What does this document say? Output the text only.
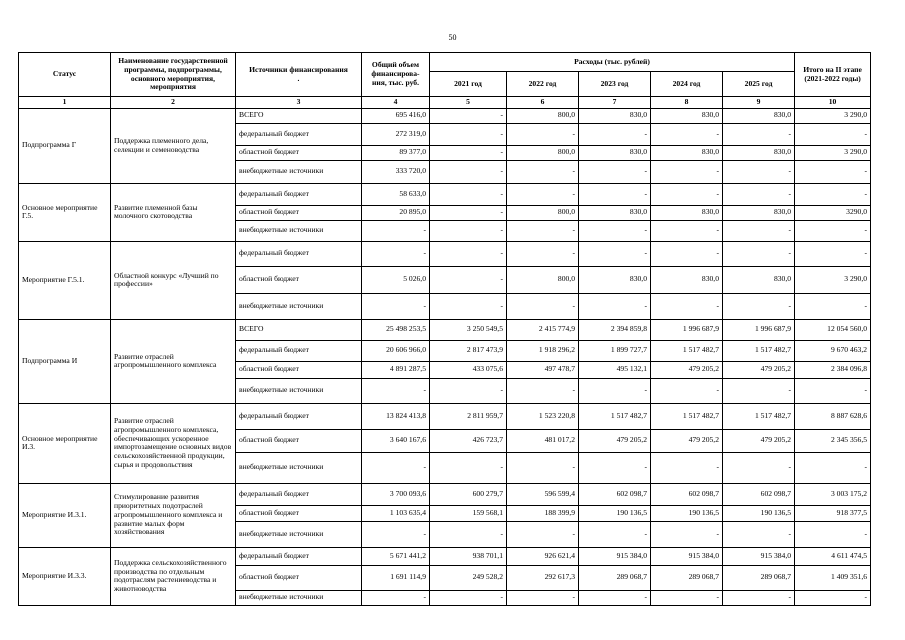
50
Статус	Наименование государственной программы, подпрограммы, основного мероприятия, мероприятия	Источники финансирования
.	Общий объем финансирова-ния, тыс. руб.	Расходы (тыс. рублей)					Итого на II этапе (2021-2022 годы)
				2021 год	2022 год	2023 год	2024 год	2025 год	
1	2	3	4	5	6	7	8	9	10
Подпрограмма Г	Поддержка племенного дела, селекции и семеноводства	ВСЕГО	695 416,0	-	800,0	830,0	830,0	830,0	3 290,0
		федеральный бюджет	272 319,0	-	-	-	-	-	-
		областной бюджет	89 377,0	-	800,0	830,0	830,0	830,0	3 290,0
		внебюджетные источники	333 720,0	-	-	-	-	-	-
Основное мероприятие Г.5.	Развитие племенной базы молочного скотоводства	федеральный бюджет	58 633,0	-	-	-	-	-	-
		областной бюджет	20 895,0	-	800,0	830,0	830,0	830,0	3290,0
		внебюджетные источники	-	-	-	-	-	-	-
Мероприятие Г.5.1.	Областной конкурс «Лучший по профессии»	федеральный бюджет	-	-	-	-	-	-	-
		областной бюджет	5 026,0	-	800,0	830,0	830,0	830,0	3 290,0
		внебюджетные источники	-	-	-	-	-	-	-
Подпрограмма И	Развитие отраслей агропромышленного комплекса	ВСЕГО	25 498 253,5	3 250 549,5	2 415 774,9	2 394 859,8	1 996 687,9	1 996 687,9	12 054 560,0
		федеральный бюджет	20 606 966,0	2 817 473,9	1 918 296,2	1 899 727,7	1 517 482,7	1 517 482,7	9 670 463,2
		областной бюджет	4 891 287,5	433 075,6	497 478,7	495 132,1	479 205,2	479 205,2	2 384 096,8
		внебюджетные источники	-	-	-	-	-	-	-
Основное мероприятие И.3.	Развитие отраслей агропромышленного комплекса, обеспечивающих ускоренное импортозамещение основных видов сельскохозяйственной продукции, сырья и продовольствия	федеральный бюджет	13 824 413,8	2 811 959,7	1 523 220,8	1 517 482,7	1 517 482,7	1 517 482,7	8 887 628,6
		областной бюджет	3 640 167,6	426 723,7	481 017,2	479 205,2	479 205,2	479 205,2	2 345 356,5
		внебюджетные источники	-	-	-	-	-	-	-
Мероприятие И.3.1.	Стимулирование развития приоритетных подотраслей агропромышленного комплекса и развитие малых форм хозяйствования	федеральный бюджет	3 700 093,6	600 279,7	596 599,4	602 098,7	602 098,7	602 098,7	3 003 175,2
		областной бюджет	1 103 635,4	159 568,1	188 399,9	190 136,5	190 136,5	190 136,5	918 377,5
		внебюджетные источники	-	-	-	-	-	-	-
Мероприятие И.3.3.	Поддержка сельскохозяйственного производства по отдельным подотраслям растениеводства и животноводства	федеральный бюджет	5 671 441,2	938 701,1	926 621,4	915 384,0	915 384,0	915 384,0	4 611 474,5
		областной бюджет	1 691 114,9	249 528,2	292 617,3	289 068,7	289 068,7	289 068,7	1 409 351,6
		внебюджетные источники	-	-	-	-	-	-	-
